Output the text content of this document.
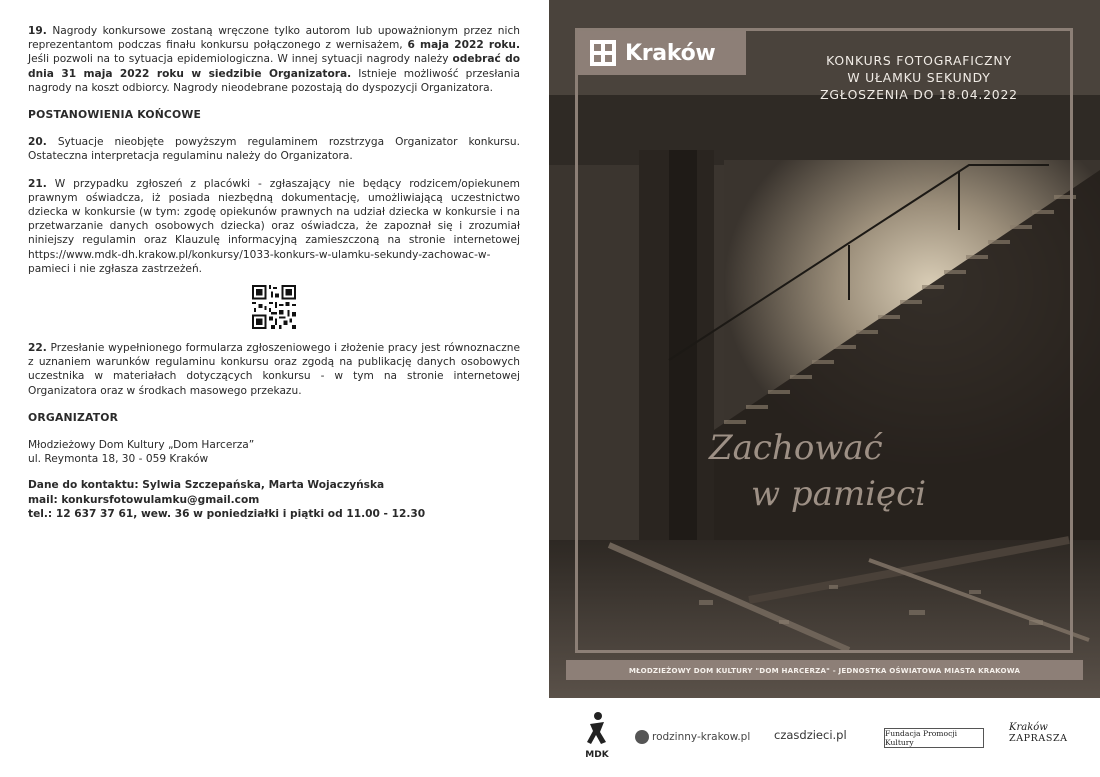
19. Nagrody konkursowe zostaną wręczone tylko autorom lub upoważnionym przez nich reprezentantom podczas finału konkursu połączonego z wernisażem, 6 maja 2022 roku. Jeśli pozwoli na to sytuacja epidemiologiczna. W innej sytuacji nagrody należy odebrać do dnia 31 maja 2022 roku w siedzibie Organizatora. Istnieje możliwość przesłania nagrody na koszt odbiorcy. Nagrody nieodebrane pozostają do dyspozycji Organizatora.

POSTANOWIENIA KOŃCOWE

20. Sytuacje nieobjęte powyższym regulaminem rozstrzyga Organizator konkursu. Ostateczna interpretacja regulaminu należy do Organizatora.

21. W przypadku zgłoszeń z placówki - zgłaszający nie będący rodzicem/opiekunem prawnym oświadcza, iż posiada niezbędną dokumentację, umożliwiającą uczestnictwo dziecka w konkursie (w tym: zgodę opiekunów prawnych na udział dziecka w konkursie i na przetwarzanie danych osobowych dziecka) oraz oświadcza, że zapoznał się i zrozumiał niniejszy regulamin oraz Klauzulę informacyjną zamieszczoną na stronie internetowej https://www.mdk-dh.krakow.pl/konkursy/1033-konkurs-w-ulamku-sekundy-zachowac-w-pamieci i nie zgłasza zastrzeżeń.

22. Przesłanie wypełnionego formularza zgłoszeniowego i złożenie pracy jest równoznaczne z uznaniem warunków regulaminu konkursu oraz zgodą na publikację danych osobowych uczestnika w materiałach dotyczących konkursu - w tym na stronie internetowej Organizatora oraz w środkach masowego przekazu.

ORGANIZATOR
Młodzieżowy Dom Kultury „Dom Harcerza”
ul. Reymonta 18, 30 - 059 Kraków
Dane do kontaktu: Sylwia Szczepańska, Marta Wojaczyńska
mail: konkursfotowulamku@gmail.com
tel.: 12 637 37 61, wew. 36 w poniedziałki i piątki od 11.00 - 12.30
Kraków	KONKURS FOTOGRAFICZNY
W UŁAMKU SEKUNDY
ZGŁOSZENIA DO 18.04.2022
Zachować
w pamięci
MŁODZIEŻOWY DOM KULTURY "DOM HARCERZA" - JEDNOSTKA OŚWIATOWA MIASTA KRAKOWA
MDK
rodzinny-krakow.pl czasdzieci.pl	Fundacja Promocji Kultury
Kraków
ZAPRASZA
